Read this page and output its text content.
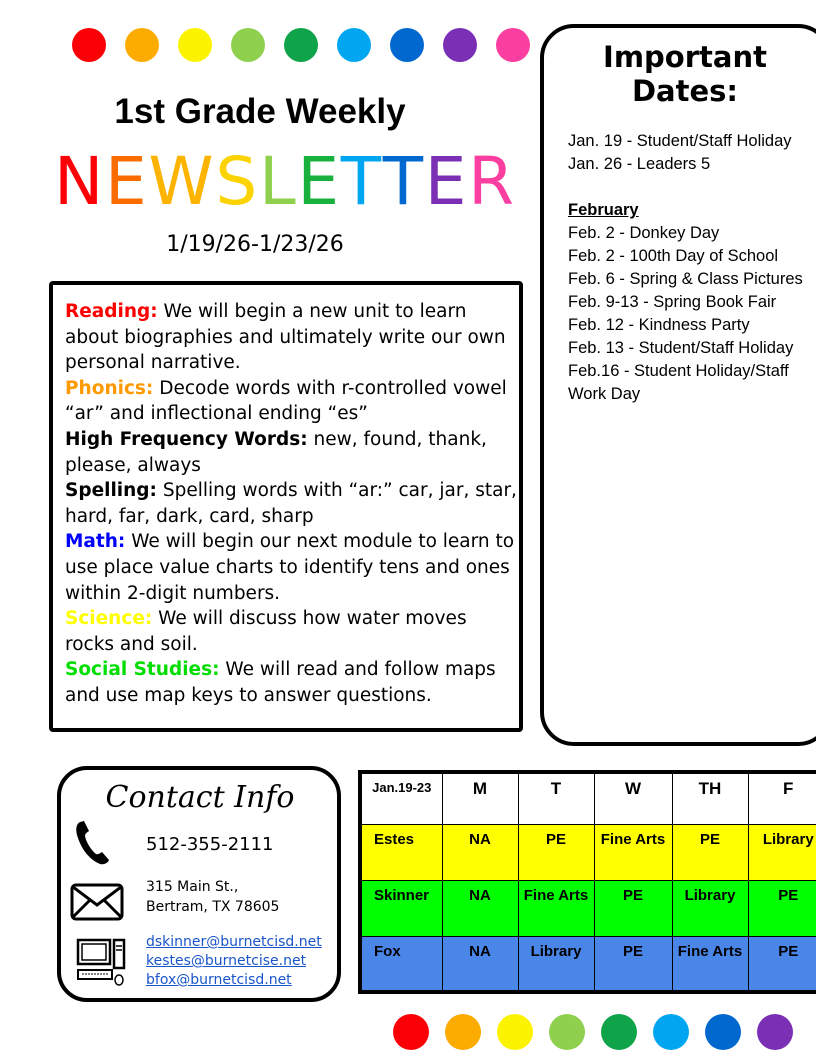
1st Grade Weekly
N E W S L E T T E R
1/19/26-1/23/26

Reading: We will begin a new unit to learn about biographies and ultimately write our own personal narrative.

Phonics: Decode words with r-controlled vowel “ar” and inflectional ending “es”

High Frequency Words: new, found, thank, please, always

Spelling: Spelling words with “ar:” car, jar, star, hard, far, dark, card, sharp

Math: We will begin our next module to learn to use place value charts to identify tens and ones within 2-digit numbers.

Science: We will discuss how water moves rocks and soil.

Social Studies: We will read and follow maps and use map keys to answer questions.

Important
Dates:
Jan. 19 - Student/Staff Holiday
Jan. 26 - Leaders 5
February
Feb. 2 - Donkey Day
Feb. 2 - 100th Day of School
Feb. 6 - Spring & Class Pictures
Feb. 9-13 - Spring Book Fair
Feb. 12 - Kindness Party
Feb. 13 - Student/Staff Holiday
Feb.16 - Student Holiday/Staff Work Day
Contact Info
512-355-2111
315 Main St.,
Bertram, TX 78605
dskinner@burnetcisd.net
kestes@burnetcise.net
bfox@burnetcisd.net
Jan.19-23	M	T	W	TH	F
Estes	NA	PE	Fine Arts	PE	Library
Skinner	NA	Fine Arts	PE	Library	PE
Fox	NA	Library	PE	Fine Arts	PE
